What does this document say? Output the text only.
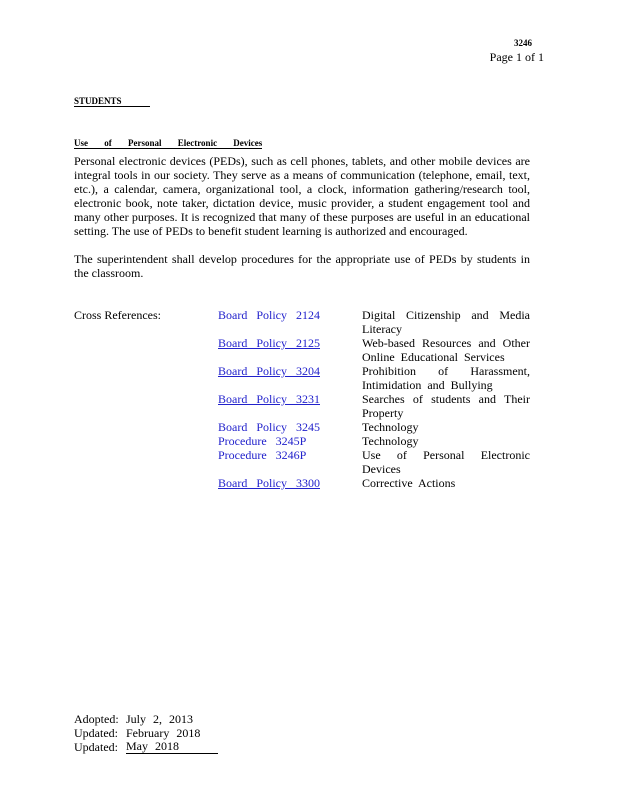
3246
Page 1 of 1
STUDENTS
Use of Personal Electronic Devices

Personal electronic devices (PEDs), such as cell phones, tablets, and other mobile devices are integral tools in our society. They serve as a means of communication (telephone, email, text, etc.), a calendar, camera, organizational tool, a clock, information gathering/research tool, electronic book, note taker, dictation device, music provider, a student engagement tool and many other purposes. It is recognized that many of these purposes are useful in an educational setting. The use of PEDs to benefit student learning is authorized and encouraged.

The superintendent shall develop procedures for the appropriate use of PEDs by students in the classroom.

Cross References:	Board Policy 2124	Digital Citizenship and Media Literacy
Board Policy 2125	Web-based Resources and Other Online Educational Services
Board Policy 3204	Prohibition of Harassment, Intimidation and Bullying
Board Policy 3231	Searches of students and Their Property
Board Policy 3245	Technology
Procedure 3245P	Technology
Procedure 3246P	Use of Personal Electronic Devices
Board Policy 3300	Corrective Actions
Adopted: July 2, 2013
Updated: February 2018
Updated: May 2018
